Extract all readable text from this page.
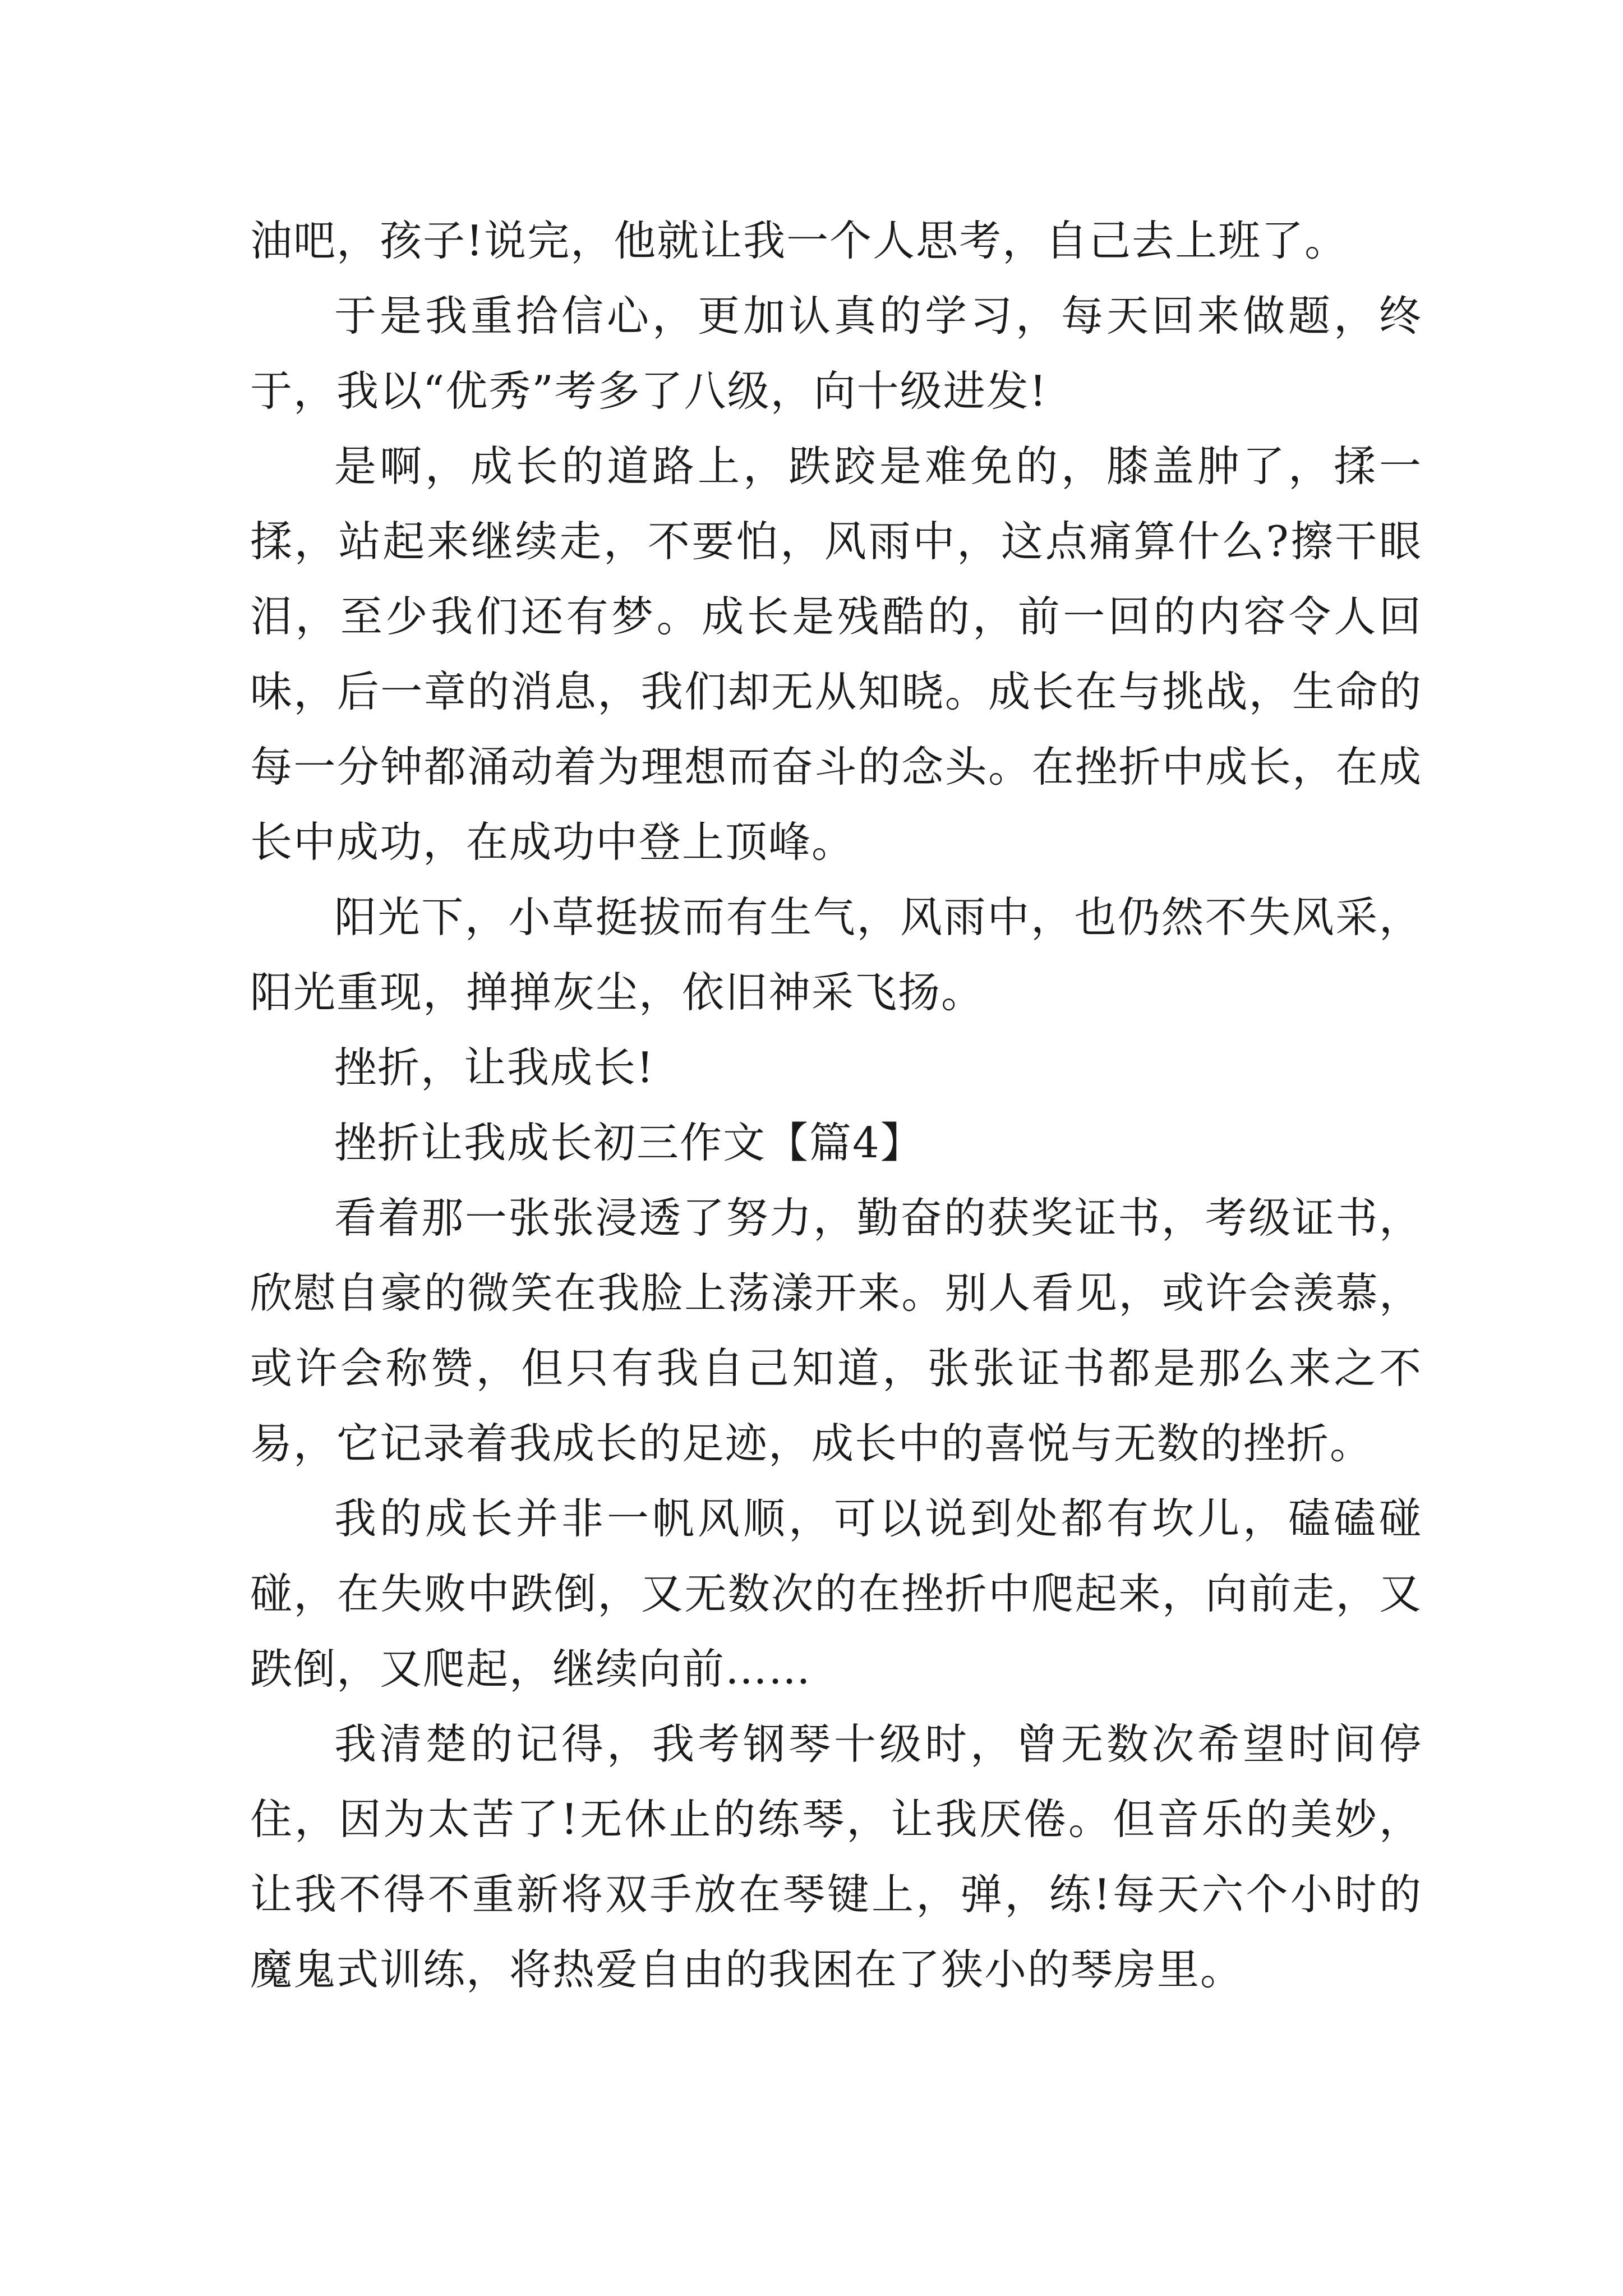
油吧，孩子!说完，他就让我一个人思考，自己去上班了。

于是我重拾信心，更加认真的学习，每天回来做题，终于，我以“优秀”考多了八级，向十级进发!

是啊，成长的道路上，跌跤是难免的，膝盖肿了，揉一揉，站起来继续走，不要怕，风雨中，这点痛算什么?擦干眼泪，至少我们还有梦。成长是残酷的，前一回的内容令人回味，后一章的消息，我们却无从知晓。成长在与挑战，生命的每一分钟都涌动着为理想而奋斗的念头。在挫折中成长，在成长中成功，在成功中登上顶峰。

阳光下，小草挺拔而有生气，风雨中，也仍然不失风采，阳光重现，掸掸灰尘，依旧神采飞扬。

挫折，让我成长!

挫折让我成长初三作文【篇4】

看着那一张张浸透了努力，勤奋的获奖证书，考级证书，欣慰自豪的微笑在我脸上荡漾开来。别人看见，或许会羡慕，或许会称赞，但只有我自己知道，张张证书都是那么来之不易，它记录着我成长的足迹，成长中的喜悦与无数的挫折。

我的成长并非一帆风顺，可以说到处都有坎儿，磕磕碰碰，在失败中跌倒，又无数次的在挫折中爬起来，向前走，又跌倒，又爬起，继续向前……

我清楚的记得，我考钢琴十级时，曾无数次希望时间停住，因为太苦了!无休止的练琴，让我厌倦。但音乐的美妙，让我不得不重新将双手放在琴键上，弹，练!每天六个小时的魔鬼式训练，将热爱自由的我困在了狭小的琴房里。
